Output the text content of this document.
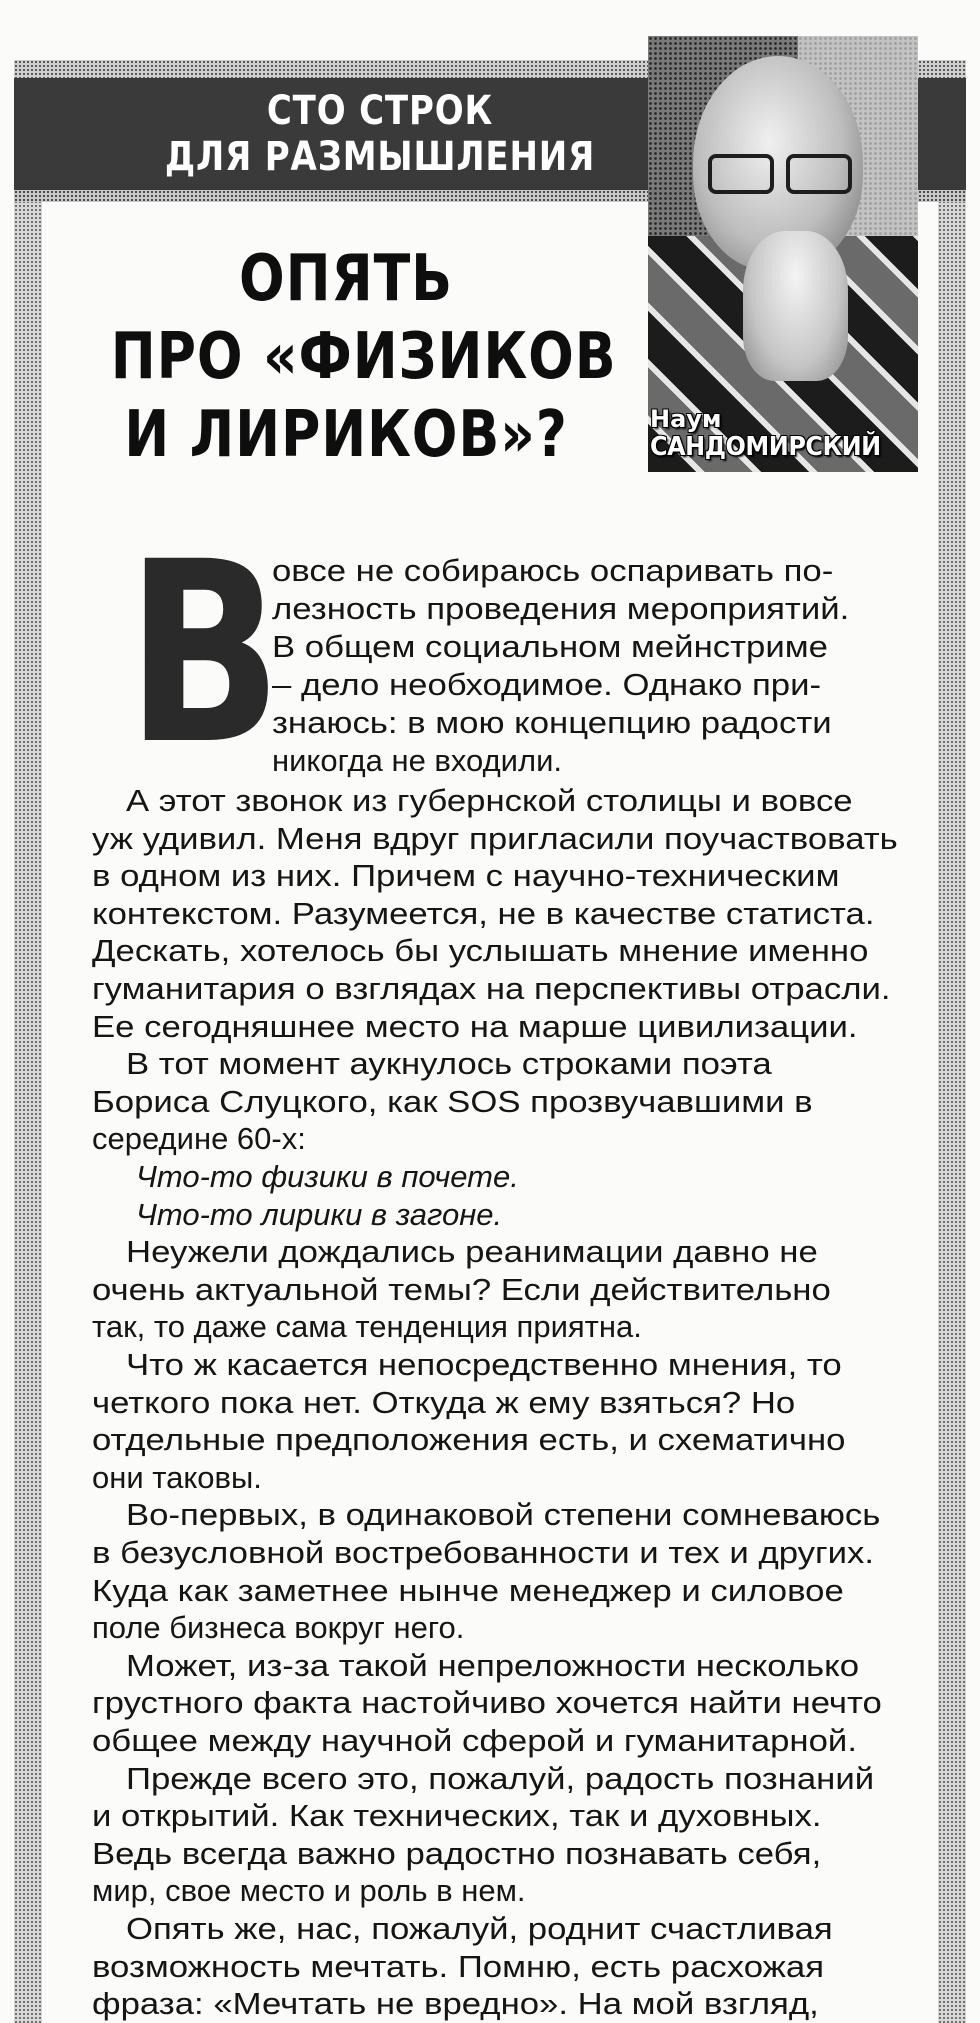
СТО СТРОК
ДЛЯ РАЗМЫШЛЕНИЯ
Наум
САНДОМИРСКИЙ
ОПЯТЬ
ПРО «ФИЗИКОВ
И ЛИРИКОВ»?
В
овсе не собираюсь оспаривать по-
лезность проведения мероприятий.
В общем социальном мейнстриме
– дело необходимое. Однако при-
знаюсь: в мою концепцию радости
никогда не входили.
А этот звонок из губернской столицы и вовсе
уж удивил. Меня вдруг пригласили поучаствовать
в одном из них. Причем с научно-техническим
контекстом. Разумеется, не в качестве статиста.
Дескать, хотелось бы услышать мнение именно
гуманитария о взглядах на перспективы отрасли.
Ее сегодняшнее место на марше цивилизации.
В тот момент аукнулось строками поэта
Бориса Слуцкого, как SOS прозвучавшими в
середине 60-х:
Что-то физики в почете.
Что-то лирики в загоне.
Неужели дождались реанимации давно не
очень актуальной темы? Если действительно
так, то даже сама тенденция приятна.
Что ж касается непосредственно мнения, то
четкого пока нет. Откуда ж ему взяться? Но
отдельные предположения есть, и схематично
они таковы.
Во-первых, в одинаковой степени сомневаюсь
в безусловной востребованности и тех и других.
Куда как заметнее нынче менеджер и силовое
поле бизнеса вокруг него.
Может, из-за такой непреложности несколько
грустного факта настойчиво хочется найти нечто
общее между научной сферой и гуманитарной.
Прежде всего это, пожалуй, радость познаний
и открытий. Как технических, так и духовных.
Ведь всегда важно радостно познавать себя,
мир, свое место и роль в нем.
Опять же, нас, пожалуй, роднит счастливая
возможность мечтать. Помню, есть расхожая
фраза: «Мечтать не вредно». На мой взгляд,
